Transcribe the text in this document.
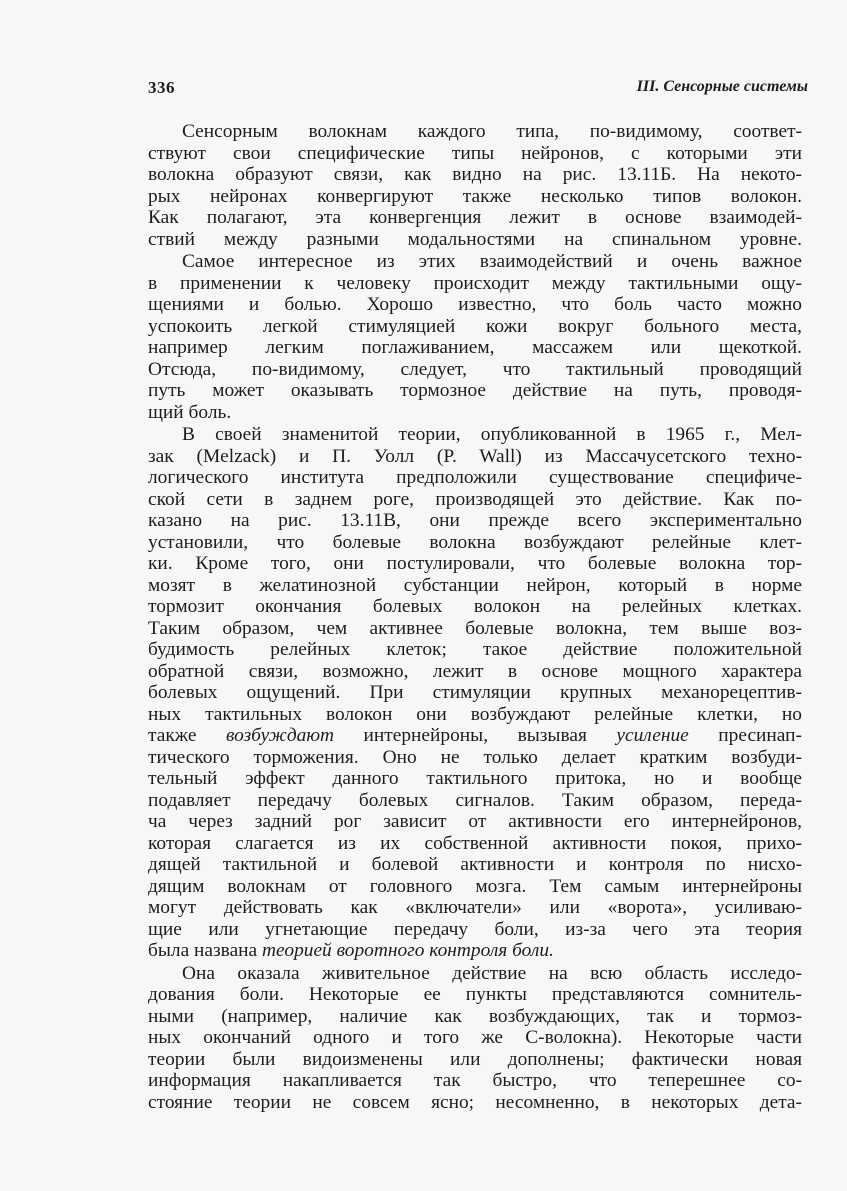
336	III. Сенсорные системы
Сенсорным волокнам каждого типа, по-видимому, соответ-
ствуют свои специфические типы нейронов, с которыми эти
волокна образуют связи, как видно на рис. 13.11Б. На некото-
рых нейронах конвергируют также несколько типов волокон.
Как полагают, эта конвергенция лежит в основе взаимодей-
ствий между разными модальностями на спинальном уровне.
Самое интересное из этих взаимодействий и очень важное
в применении к человеку происходит между тактильными ощу-
щениями и болью. Хорошо известно, что боль часто можно
успокоить легкой стимуляцией кожи вокруг больного места,
например легким поглаживанием, массажем или щекоткой.
Отсюда, по-видимому, следует, что тактильный проводящий
путь может оказывать тормозное действие на путь, проводя-
щий боль.
В своей знаменитой теории, опубликованной в 1965 г., Мел-
зак (Melzack) и П. Уолл (P. Wall) из Массачусетского техно-
логического института предположили существование специфиче-
ской сети в заднем роге, производящей это действие. Как по-
казано на рис. 13.11В, они прежде всего экспериментально
установили, что болевые волокна возбуждают релейные клет-
ки. Кроме того, они постулировали, что болевые волокна тор-
мозят в желатинозной субстанции нейрон, который в норме
тормозит окончания болевых волокон на релейных клетках.
Таким образом, чем активнее болевые волокна, тем выше воз-
будимость релейных клеток; такое действие положительной
обратной связи, возможно, лежит в основе мощного характера
болевых ощущений. При стимуляции крупных механорецептив-
ных тактильных волокон они возбуждают релейные клетки, но
также возбуждают интернейроны, вызывая усиление пресинап-
тического торможения. Оно не только делает кратким возбуди-
тельный эффект данного тактильного притока, но и вообще
подавляет передачу болевых сигналов. Таким образом, переда-
ча через задний рог зависит от активности его интернейронов,
которая слагается из их собственной активности покоя, прихо-
дящей тактильной и болевой активности и контроля по нисхо-
дящим волокнам от головного мозга. Тем самым интернейроны
могут действовать как «включатели» или «ворота», усиливаю-
щие или угнетающие передачу боли, из-за чего эта теория
была названа теорией воротного контроля боли.
Она оказала живительное действие на всю область исследо-
дования боли. Некоторые ее пункты представляются сомнитель-
ными (например, наличие как возбуждающих, так и тормоз-
ных окончаний одного и того же С-волокна). Некоторые части
теории были видоизменены или дополнены; фактически новая
информация накапливается так быстро, что теперешнее со-
стояние теории не совсем ясно; несомненно, в некоторых дета-
